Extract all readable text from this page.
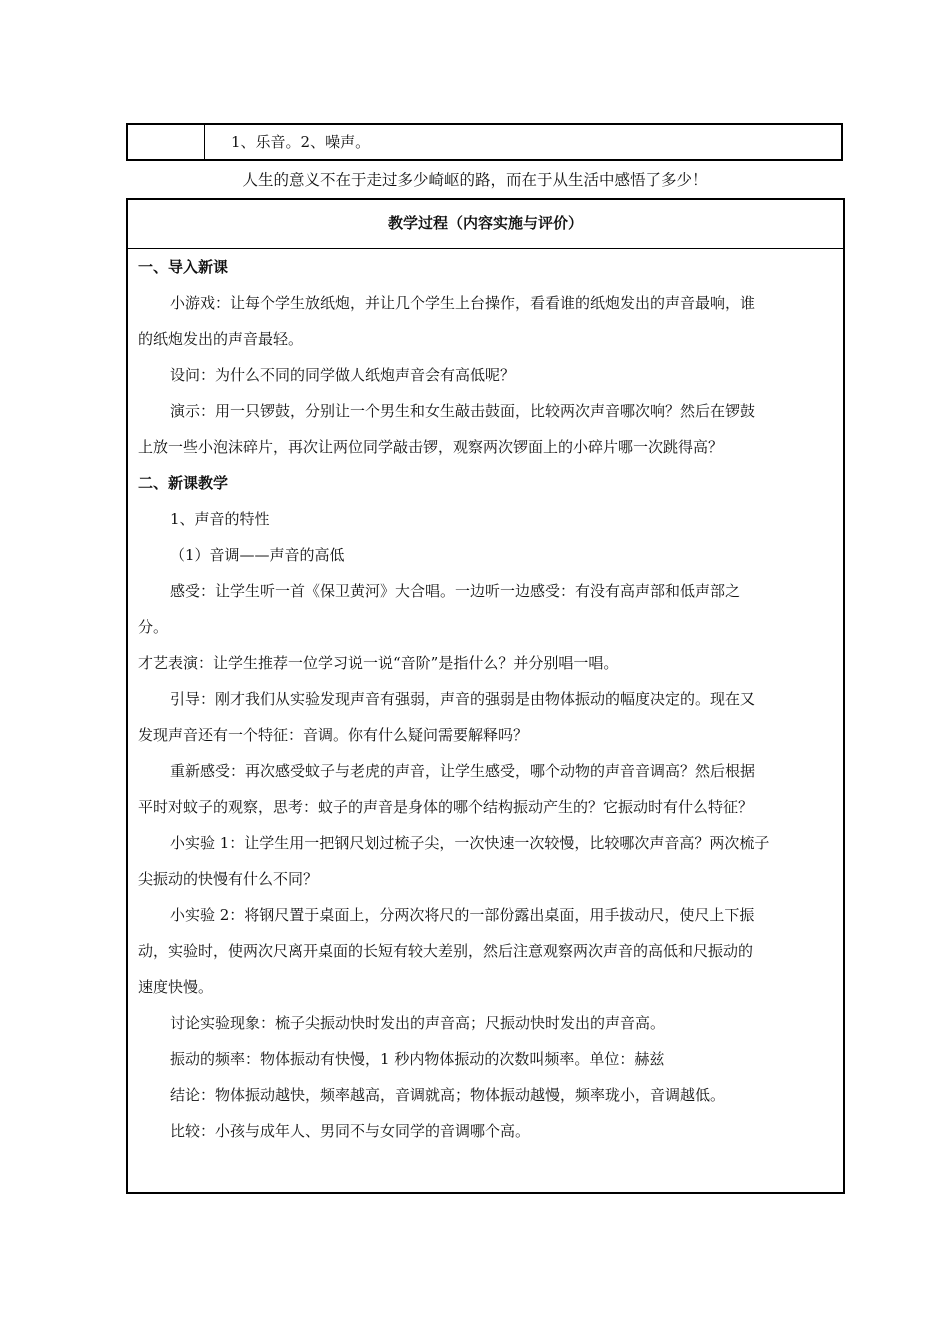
1、乐音。2、噪声。
人生的意义不在于走过多少崎岖的路，而在于从生活中感悟了多少！
教学过程（内容实施与评价）

一、导入新课

小游戏：让每个学生放纸炮，并让几个学生上台操作，看看谁的纸炮发出的声音最响，谁

的纸炮发出的声音最轻。

设问：为什么不同的同学做人纸炮声音会有高低呢？

演示：用一只锣鼓，分别让一个男生和女生敲击鼓面，比较两次声音哪次响？然后在锣鼓

上放一些小泡沫碎片，再次让两位同学敲击锣，观察两次锣面上的小碎片哪一次跳得高？

二、新课教学

1、声音的特性

（1）音调——声音的高低

感受：让学生听一首《保卫黄河》大合唱。一边听一边感受：有没有高声部和低声部之

分。

才艺表演：让学生推荐一位学习说一说“音阶”是指什么？并分别唱一唱。

引导：刚才我们从实验发现声音有强弱，声音的强弱是由物体振动的幅度决定的。现在又

发现声音还有一个特征：音调。你有什么疑问需要解释吗？

重新感受：再次感受蚊子与老虎的声音，让学生感受，哪个动物的声音音调高？然后根据

平时对蚊子的观察，思考：蚊子的声音是身体的哪个结构振动产生的？它振动时有什么特征？

小实验 1：让学生用一把钢尺划过梳子尖，一次快速一次较慢，比较哪次声音高？两次梳子

尖振动的快慢有什么不同？

小实验 2：将钢尺置于桌面上，分两次将尺的一部份露出桌面，用手拔动尺，使尺上下振

动，实验时，使两次尺离开桌面的长短有较大差别，然后注意观察两次声音的高低和尺振动的

速度快慢。

讨论实验现象：梳子尖振动快时发出的声音高；尺振动快时发出的声音高。

振动的频率：物体振动有快慢，1 秒内物体振动的次数叫频率。单位：赫兹

结论：物体振动越快，频率越高，音调就高；物体振动越慢，频率珑小，音调越低。

比较：小孩与成年人、男同不与女同学的音调哪个高。
